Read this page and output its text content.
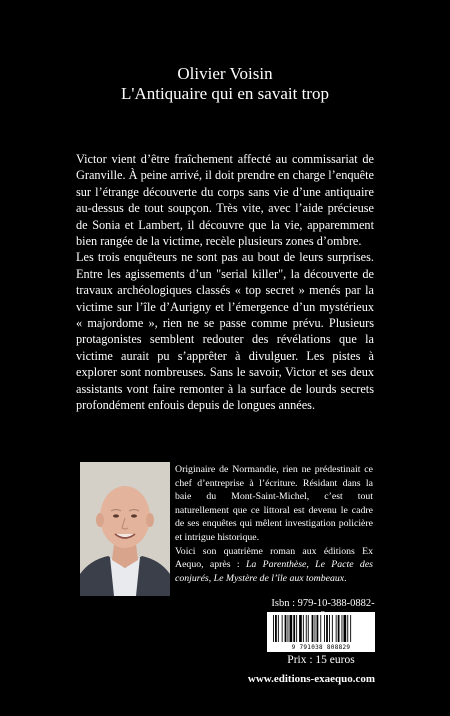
Olivier Voisin
L'Antiquaire qui en savait trop

Victor vient d’être fraîchement affecté au commissariat de Granville. À peine arrivé, il doit prendre en charge l’enquête sur l’étrange découverte du corps sans vie d’une antiquaire au-dessus de tout soupçon. Très vite, avec l’aide précieuse de Sonia et Lambert, il découvre que la vie, apparemment bien rangée de la victime, recèle plusieurs zones d’ombre.

Les trois enquêteurs ne sont pas au bout de leurs surprises. Entre les agissements d’un "serial killer", la découverte de travaux archéologiques classés « top secret » menés par la victime sur l’île d’Aurigny et l’émergence d’un mystérieux « majordome », rien ne se passe comme prévu. Plusieurs protagonistes semblent redouter des révélations que la victime aurait pu s’apprêter à divulguer. Les pistes à explorer sont nombreuses. Sans le savoir, Victor et ses deux assistants vont faire remonter à la surface de lourds secrets profondément enfouis depuis de longues années.

Originaire de Normandie, rien ne prédestinait ce chef d’entreprise à l’écriture. Résidant dans la baie du Mont-Saint-Michel, c’est tout naturellement que ce littoral est devenu le cadre de ses enquêtes qui mêlent investigation policière et intrigue historique.

Voici son quatrième roman aux éditions Ex Aequo, après : La Parenthèse, Le Pacte des conjurés, Le Mystère de l’île aux tombeaux.

Isbn : 979-10-388-0882-
9 791038 808829
Prix : 15 euros
www.editions-exaequo.com
